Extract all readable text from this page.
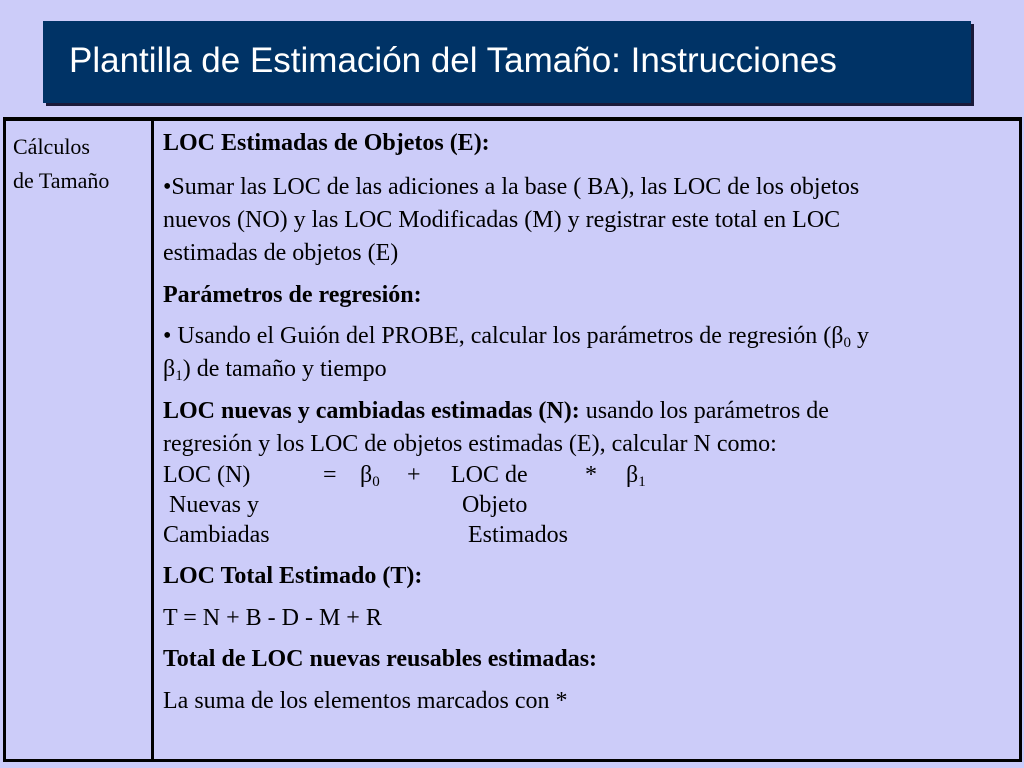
Plantilla de Estimación del Tamaño: Instrucciones
Cálculos
de Tamaño
LOC Estimadas de Objetos (E):
•Sumar las LOC de las adiciones a la base ( BA), las LOC de los objetos
nuevos (NO) y las LOC Modificadas (M) y registrar este total en LOC
estimadas de objetos (E)
Parámetros de regresión:
• Usando el Guión del PROBE, calcular los parámetros de regresión ($\beta_0$ y
$\beta_1$) de tamaño y tiempo
LOC nuevas y cambiadas estimadas (N): usando los parámetros de
regresión y los LOC de objetos estimadas (E), calcular N como:
LOC (N)	= $\beta_0$ + LOC de * $\beta_1$
Nuevas y	Objeto
Cambiadas	Estimados
LOC Total Estimado (T):
T = N + B - D - M + R
Total de LOC nuevas reusables estimadas:
La suma de los elementos marcados con *
